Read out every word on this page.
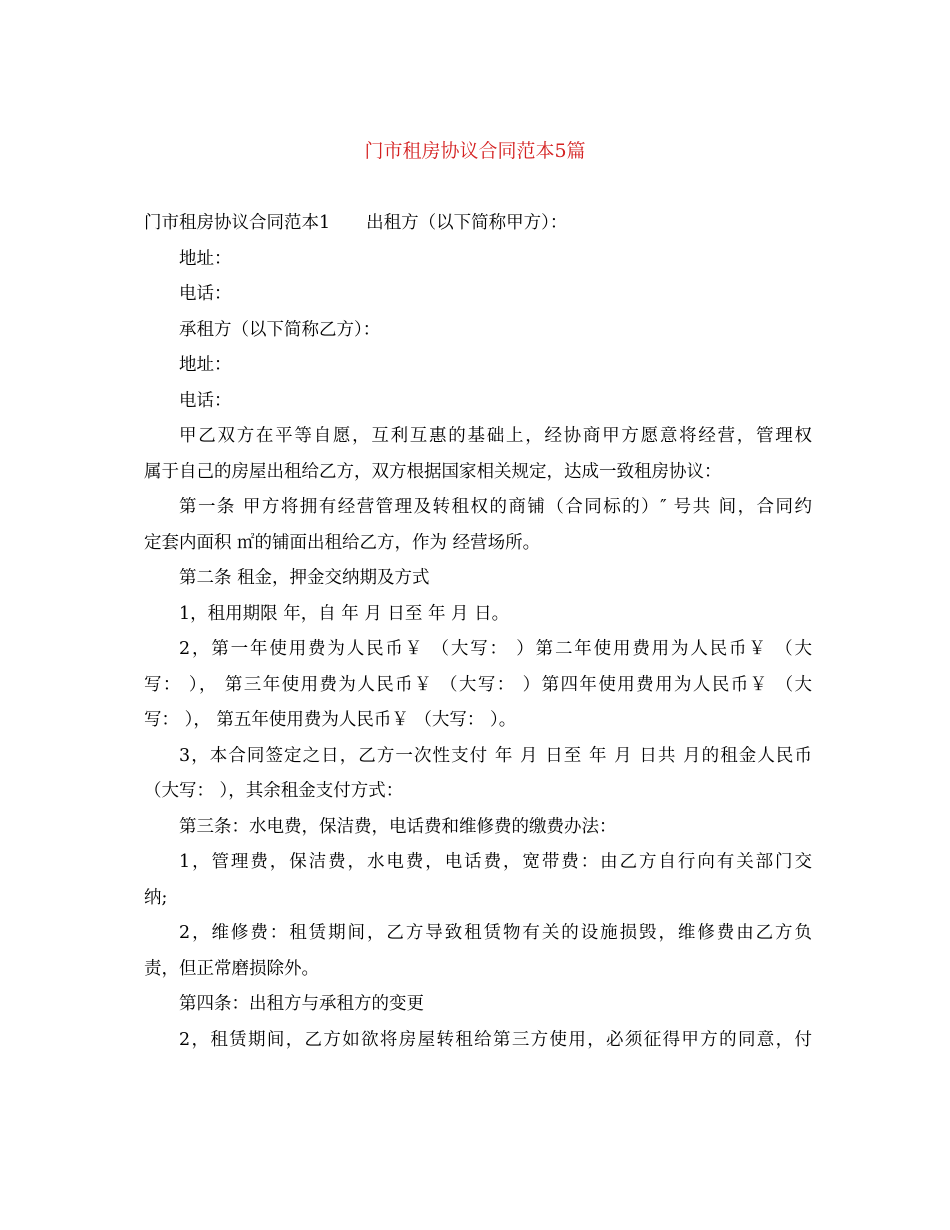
门市租房协议合同范本5篇

门市租房协议合同范本1 出租方（以下简称甲方）：

地址：

电话：

承租方（以下简称乙方）：

地址：

电话：

甲乙双方在平等自愿，互利互惠的基础上，经协商甲方愿意将经营，管理权

属于自己的房屋出租给乙方，双方根据国家相关规定，达成一致租房协议：

第一条 甲方将拥有经营管理及转租权的商铺（合同标的）″ 号共 间，合同约

定套内面积 ㎡的铺面出租给乙方，作为 经营场所。

第二条 租金，押金交纳期及方式

1，租用期限 年，自 年 月 日至 年 月 日。

2，第一年使用费为人民币￥ （大写： ）第二年使用费用为人民币￥ （大

写： ）， 第三年使用费为人民币￥ （大写： ）第四年使用费用为人民币￥ （大

写： ）， 第五年使用费为人民币￥ （大写： ）。

3，本合同签定之日，乙方一次性支付 年 月 日至 年 月 日共 月的租金人民币

（大写： ），其余租金支付方式：

第三条：水电费，保洁费，电话费和维修费的缴费办法：

1，管理费，保洁费，水电费，电话费，宽带费：由乙方自行向有关部门交

纳;

2，维修费：租赁期间，乙方导致租赁物有关的设施损毁，维修费由乙方负

责，但正常磨损除外。

第四条：出租方与承租方的变更

2，租赁期间，乙方如欲将房屋转租给第三方使用，必须征得甲方的同意，付
